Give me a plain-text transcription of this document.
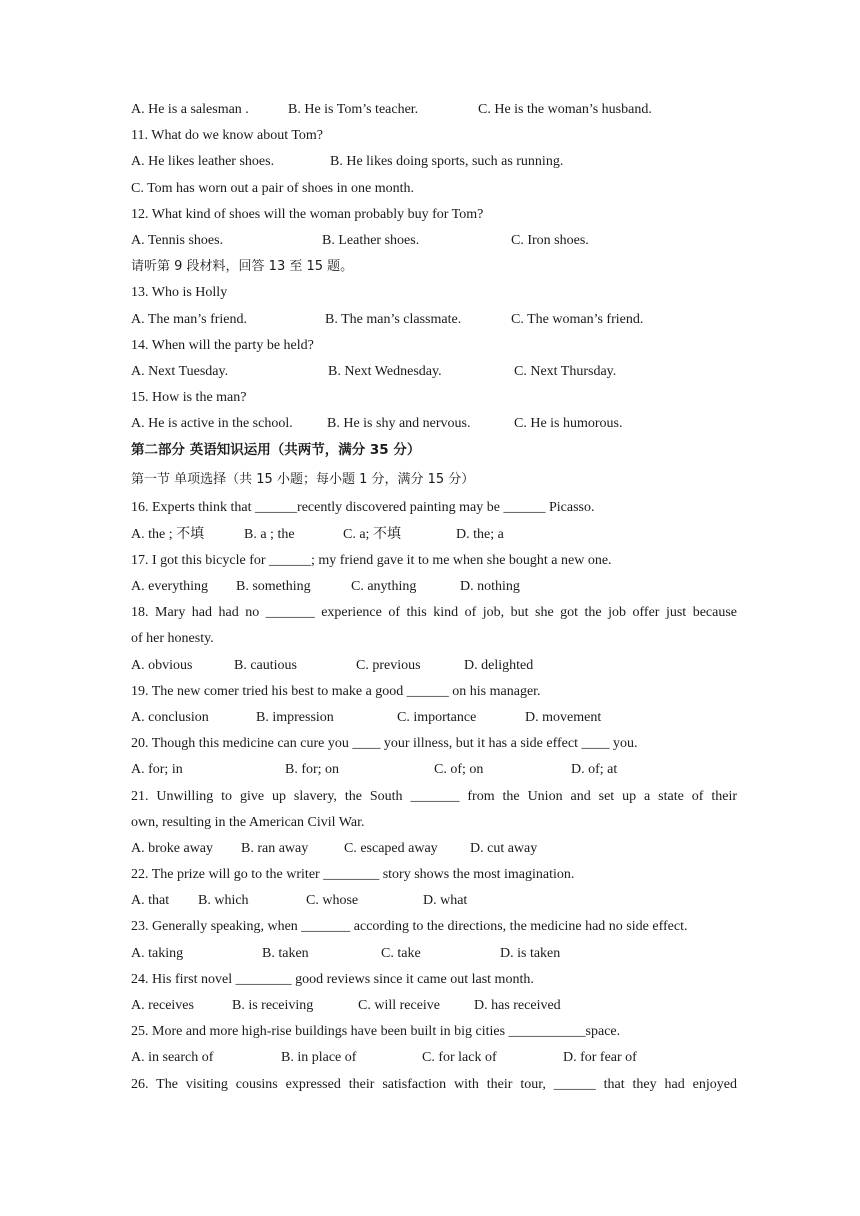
A. He is a salesman .	B. He is Tom’s teacher.	C. He is the woman’s husband.
11. What do we know about Tom?
A. He likes leather shoes.	B. He likes doing sports, such as running.
C. Tom has worn out a pair of shoes in one month.
12. What kind of shoes will the woman probably buy for Tom?
A. Tennis shoes.	B. Leather shoes.	C. Iron shoes.
请听第 9 段材料，回答 13 至 15 题。
13. Who is Holly
A. The man’s friend.	B. The man’s classmate.	C. The woman’s friend.
14. When will the party be held?
A. Next Tuesday.	B. Next Wednesday.	C. Next Thursday.
15. How is the man?
A. He is active in the school.	B. He is shy and nervous.	C. He is humorous.
第二部分 英语知识运用（共两节，满分 35 分）
第一节 单项选择（共 15 小题；每小题 1 分，满分 15 分）
16. Experts think that ______recently discovered painting may be ______ Picasso.
A. the ; 不填	B. a ; the	C. a; 不填	D. the; a
17. I got this bicycle for ______; my friend gave it to me when she bought a new one.
A. everything	B. something	C. anything	D. nothing
18. Mary had had no _______ experience of this kind of job, but she got the job offer just because
of her honesty.
A. obvious	B. cautious	C. previous	D. delighted
19. The new comer tried his best to make a good ______ on his manager.
A. conclusion	B. impression	C. importance	D. movement
20. Though this medicine can cure you ____ your illness, but it has a side effect ____ you.
A. for; in	B. for; on	C. of; on	D. of; at
21. Unwilling to give up slavery, the South _______ from the Union and set up a state of their
own, resulting in the American Civil War.
A. broke away	B. ran away	C. escaped away	D. cut away
22. The prize will go to the writer ________ story shows the most imagination.
A. that	B. which	C. whose	D. what
23. Generally speaking, when _______ according to the directions, the medicine had no side effect.
A. taking	B. taken	C. take	D. is taken
24. His first novel ________ good reviews since it came out last month.
A. receives	B. is receiving	C. will receive	D. has received
25. More and more high-rise buildings have been built in big cities ___________space.
A. in search of	B. in place of	C. for lack of	D. for fear of
26. The visiting cousins expressed their satisfaction with their tour, ______ that they had enjoyed
